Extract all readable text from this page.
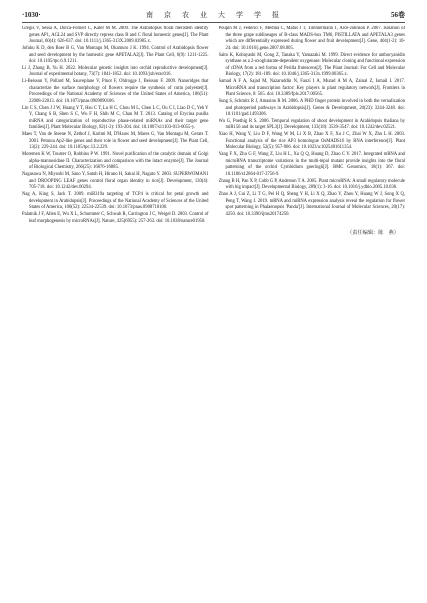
·1030·	南　京　农　业　大　学　学　报	56卷

Gregis V, Sessa A, Dorca-Fornell C, Kater M M. 2009. The Arabidopsis floral meristem identity genes AP1, AGL24 and SVP directly repress class B and C floral homeotic genes[J]. The Plant Journal, 60(4): 626-637. doi: 10.1111/j.1365-313X.2009.03985.x.

Jofuku K D, den Boer B G, Van Montagu M, Okamuro J K. 1994. Control of Arabidopsis flower and seed development by the homeotic gene APETALA2[J]. The Plant Cell, 6(9): 1211-1225. doi: 10.1105/tpc.6.9.1211.

Li J, Zhang B, Yu H. 2022. Molecular genetic insights into orchid reproductive development[J]. Journal of experimental botany, 73(7): 1841-1852. doi: 10.1093/jxb/erac016.

Li-Beisson Y, Pollard M, Sauveplane V, Pinot F, Ohlrogge J, Beisson F. 2009. Nanoridges that characterize the surface morphology of flowers require the synthesis of cutin polyester[J]. Proceedings of the National Academy of Sciences of the United States of America, 106(51): 22008-22013. doi: 10.1073/pnas.0909090106.

Lin C S, Chen J J W, Huang Y T, Hsu C T, Lu H C, Chou M L, Chen L C, Ou C I, Liao D C, Yeh Y Y, Chang S B, Shen S C, Wu F H, Shih M C, Chan M T. 2013. Catalog of Erycina pusilla miRNA and categorization of reproductive phase-related miRNAs and their target gene families[J]. Plant Molecular Biology, 82(1-2): 193-204. doi: 10.1007/s11103-013-0055-y.

Maes T, Van de Steene N, Zethof J, Karimi M, D'Hauw M, Mares G, Van Montagu M, Gerats T. 2001. Petunia Ap2-like genes and their role in flower and seed development[J]. The Plant Cell, 13(2): 229-244. doi: 10.1105/tpc.13.2.229.

Moremen K W, Touster O, Robbins P W. 1991. Novel purification of the catalytic domain of Golgi alpha-mannosidase II. Characterization and comparison with the intact enzyme[J]. The Journal of Biological Chemistry, 266(25): 16876-16885.

Nagasawa N, Miyoshi M, Sano Y, Satoh H, Hirano H, Sakai H, Nagato Y. 2003. SUPERWOMAN1 and DROOPING LEAF genes control floral organ identity in rice[J]. Development, 130(4): 705-718. doi: 10.1242/dev.00294.

Nag A, King S, Jack T. 2009. miR319a targeting of TCP4 is critical for petal growth and development in Arabidopsis[J]. Proceedings of the National Academy of Sciences of the United States of America, 106(52): 22534-22539. doi: 10.1073/pnas.0908718106.

Palatnik J F, Allen E, Wu X L, Schommer C, Schwab R, Carrington J C, Weigel D. 2003. Control of leaf morphogenesis by microRNAs[J]. Nature, 425(6955): 257-263. doi: 10.1038/nature01958.

Poupin M J, Federici F, Medina C, Matus J T, Timmermann T, Arce-Johnson P. 2007. Isolation of the three grape sublineages of B-class MADS-box TM6, PISTILLATA and APETALA3 genes which are differentially expressed during flower and fruit development[J]. Gene, 404(1-2): 10-24. doi: 10.1016/j.gene.2007.08.005.

Saito K, Kobayashi M, Gong Z, Tanaka Y, Yamazaki M. 1999. Direct evidence for anthocyanidin synthase as a 2-oxoglutarate-dependent oxygenase: Molecular cloning and functional expression of cDNA from a red forma of Perilla frutescens[J]. The Plant Journal: For Cell and Molecular Biology, 17(2): 181-189. doi: 10.1046/j.1365-313x.1999.00365.x.

Samad A F A, Sajad M, Nazaruddin N, Fauzi I A, Murad A M A, Zainal Z, Ismail I. 2017. MicroRNA and transcription factor: Key players in plant regulatory network[J]. Frontiers in Plant Science, 8: 565. doi: 10.3389/fpls.2017.00565.

Sung S, Schmitz R J, Amasino R M. 2006. A PHD finger protein involved in both the vernalization and photoperiod pathways in Arabidopsis[J]. Genes & Development, 20(23): 3244-3248. doi: 10.1101/gad.1493306.

Wu G, Poethig R S. 2006. Temporal regulation of shoot development in Arabidopsis thaliana by miR156 and its target SPL3[J]. Development, 133(18): 3539-3547. doi: 10.1242/dev.02521.

Xiao H, Wang Y, Liu D F, Wang W M, Li X B, Zhao X F, Xu J C, Zhai W X, Zhu L H. 2003. Functional analysis of the rice AP3 homologue OsMADS16 by RNA interference[J]. Plant Molecular Biology, 52(5): 957-966. doi: 10.1023/a:1025401611354.

Yang F X, Zhu G F, Wang Z, Liu H L, Xu Q Q, Huang D, Zhao C Y. 2017. Integrated mRNA and microRNA transcriptome variations in the multi-tepal mutant provide insights into the floral patterning of the orchid Cymbidium goeringii[J]. BMC Genomics, 18(1): 367. doi: 10.1186/s12864-017-3756-9.

Zhang B H, Pan X P, Cobb G P, Anderson T A. 2005. Plant microRNA: A small regulatory molecule with big impact[J]. Developmental Biology, 289(1): 3-16. doi: 10.1016/j.ydbio.2005.10.036.

Zhao A J, Cui Z, Li T G, Pei H Q, Sheng Y H, Li X Q, Zhao Y, Zhou Y, Huang W J, Song X Q, Peng T, Wang J. 2019. mRNA and miRNA expression analysis reveal the regulation for flower spot patterning in Phalaenopsis 'Panda'[J]. International Journal of Molecular Sciences, 20(17): 4250. doi: 10.3390/ijms20174250.

（责任编辑：陈　燕）
